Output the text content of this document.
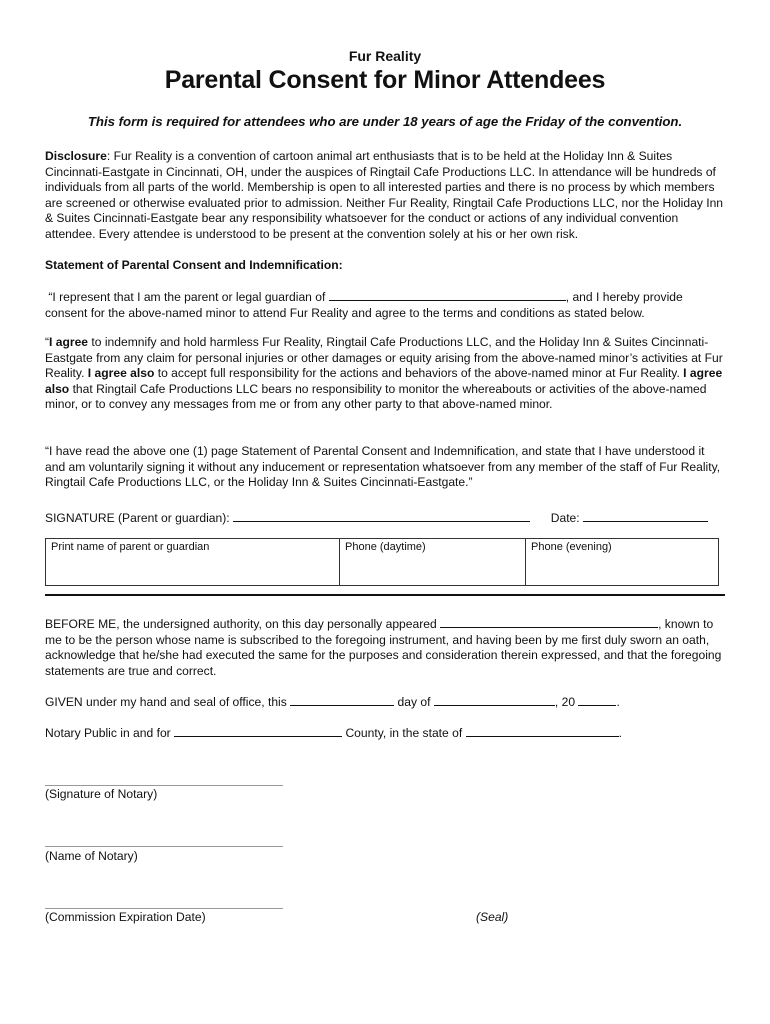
Fur Reality
Parental Consent for Minor Attendees
This form is required for attendees who are under 18 years of age the Friday of the convention.
Disclosure: Fur Reality is a convention of cartoon animal art enthusiasts that is to be held at the Holiday Inn & Suites Cincinnati-Eastgate in Cincinnati, OH, under the auspices of Ringtail Cafe Productions LLC. In attendance will be hundreds of individuals from all parts of the world. Membership is open to all interested parties and there is no process by which members are screened or otherwise evaluated prior to admission. Neither Fur Reality, Ringtail Cafe Productions LLC, nor the Holiday Inn & Suites Cincinnati-Eastgate bear any responsibility whatsoever for the conduct or actions of any individual convention attendee. Every attendee is understood to be present at the convention solely at his or her own risk.
Statement of Parental Consent and Indemnification:
“I represent that I am the parent or legal guardian of	, and I hereby provide consent for the above-named minor to attend Fur Reality and agree to the terms and conditions as stated below.
“I agree to indemnify and hold harmless Fur Reality, Ringtail Cafe Productions LLC, and the Holiday Inn & Suites Cincinnati-Eastgate from any claim for personal injuries or other damages or equity arising from the above-named minor’s activities at Fur Reality. I agree also to accept full responsibility for the actions and behaviors of the above-named minor at Fur Reality. I agree also that Ringtail Cafe Productions LLC bears no responsibility to monitor the whereabouts or activities of the above-named minor, or to convey any messages from me or from any other party to that above-named minor.
“I have read the above one (1) page Statement of Parental Consent and Indemnification, and state that I have understood it and am voluntarily signing it without any inducement or representation whatsoever from any member of the staff of Fur Reality, Ringtail Cafe Productions LLC, or the Holiday Inn & Suites Cincinnati-Eastgate.”
SIGNATURE (Parent or guardian):	Date:
Print name of parent or guardian	Phone (daytime)	Phone (evening)
BEFORE ME, the undersigned authority, on this day personally appeared	, known to me to be the person whose name is subscribed to the foregoing instrument, and having been by me first duly sworn an oath, acknowledge that he/she had executed the same for the purposes and consideration therein expressed, and that the foregoing statements are true and correct.
GIVEN under my hand and seal of office, this	day of	, 20	.
Notary Public in and for	County, in the state of	.
(Signature of Notary)
(Name of Notary)
(Commission Expiration Date)	(Seal)
